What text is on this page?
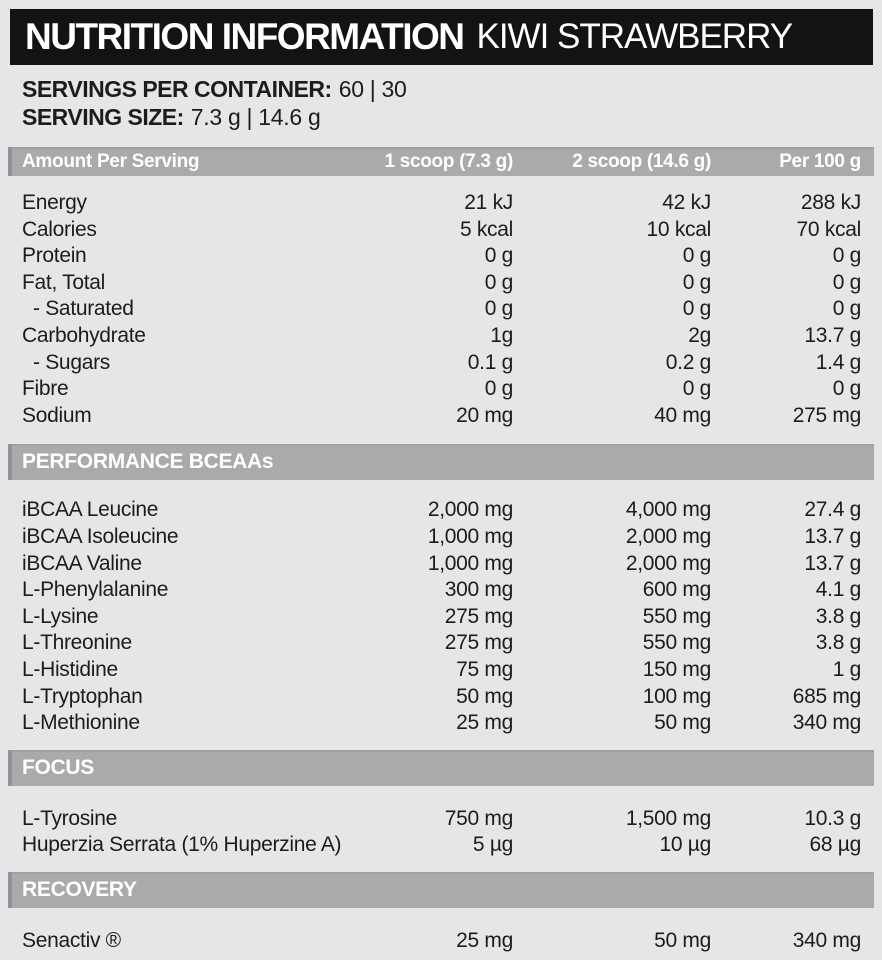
NUTRITION INFORMATION KIWI STRAWBERRY
SERVINGS PER CONTAINER: 60 | 30
SERVING SIZE: 7.3 g | 14.6 g
Amount Per Serving	1 scoop (7.3 g)	2 scoop (14.6 g)	Per 100 g
Energy	21 kJ	42 kJ	288 kJ
Calories	5 kcal	10 kcal	70 kcal
Protein	0 g	0 g	0 g
Fat, Total	0 g	0 g	0 g
- Saturated	0 g	0 g	0 g
Carbohydrate	1g	2g	13.7 g
- Sugars	0.1 g	0.2 g	1.4 g
Fibre	0 g	0 g	0 g
Sodium	20 mg	40 mg	275 mg
PERFORMANCE BCEAAs
iBCAA Leucine	2,000 mg	4,000 mg	27.4 g
iBCAA Isoleucine	1,000 mg	2,000 mg	13.7 g
iBCAA Valine	1,000 mg	2,000 mg	13.7 g
L-Phenylalanine	300 mg	600 mg	4.1 g
L-Lysine	275 mg	550 mg	3.8 g
L-Threonine	275 mg	550 mg	3.8 g
L-Histidine	75 mg	150 mg	1 g
L-Tryptophan	50 mg	100 mg	685 mg
L-Methionine	25 mg	50 mg	340 mg
FOCUS
L-Tyrosine	750 mg	1,500 mg	10.3 g
Huperzia Serrata (1% Huperzine A)	5 µg	10 µg	68 µg
RECOVERY
Senactiv ®	25 mg	50 mg	340 mg
